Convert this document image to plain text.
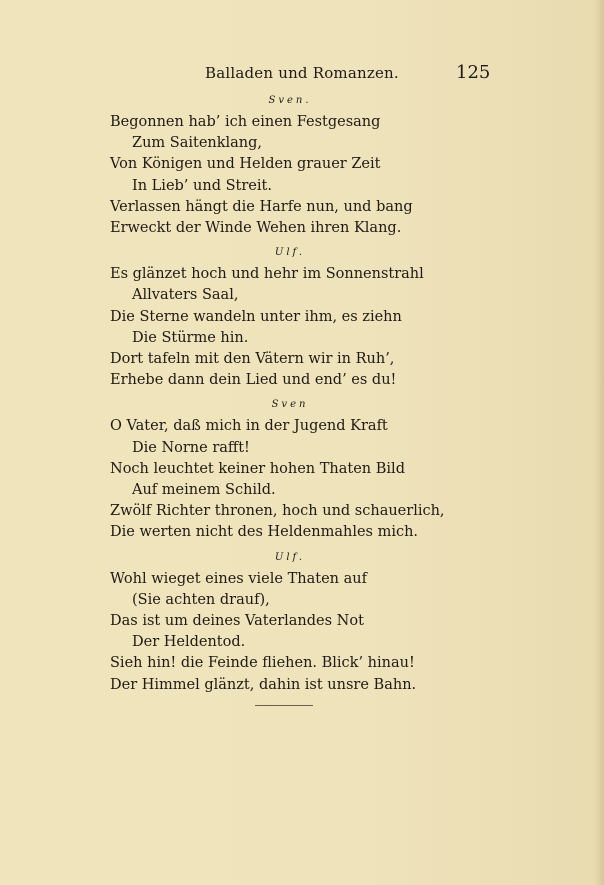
Balladen und Romanzen.	125
Sven.
Begonnen hab’ ich einen Festgesang
Zum Saitenklang,
Von Königen und Helden grauer Zeit
In Lieb’ und Streit.
Verlassen hängt die Harfe nun, und bang
Erweckt der Winde Wehen ihren Klang.
Ulf.
Es glänzet hoch und hehr im Sonnenstrahl
Allvaters Saal,
Die Sterne wandeln unter ihm, es ziehn
Die Stürme hin.
Dort tafeln mit den Vätern wir in Ruh’,
Erhebe dann dein Lied und end’ es du!
Sven
O Vater, daß mich in der Jugend Kraft
Die Norne rafft!
Noch leuchtet keiner hohen Thaten Bild
Auf meinem Schild.
Zwölf Richter thronen, hoch und schauerlich,
Die werten nicht des Heldenmahles mich.
Ulf.
Wohl wieget eines viele Thaten auf
(Sie achten drauf),
Das ist um deines Vaterlandes Not
Der Heldentod.
Sieh hin! die Feinde fliehen. Blick’ hinau!
Der Himmel glänzt, dahin ist unsre Bahn.
